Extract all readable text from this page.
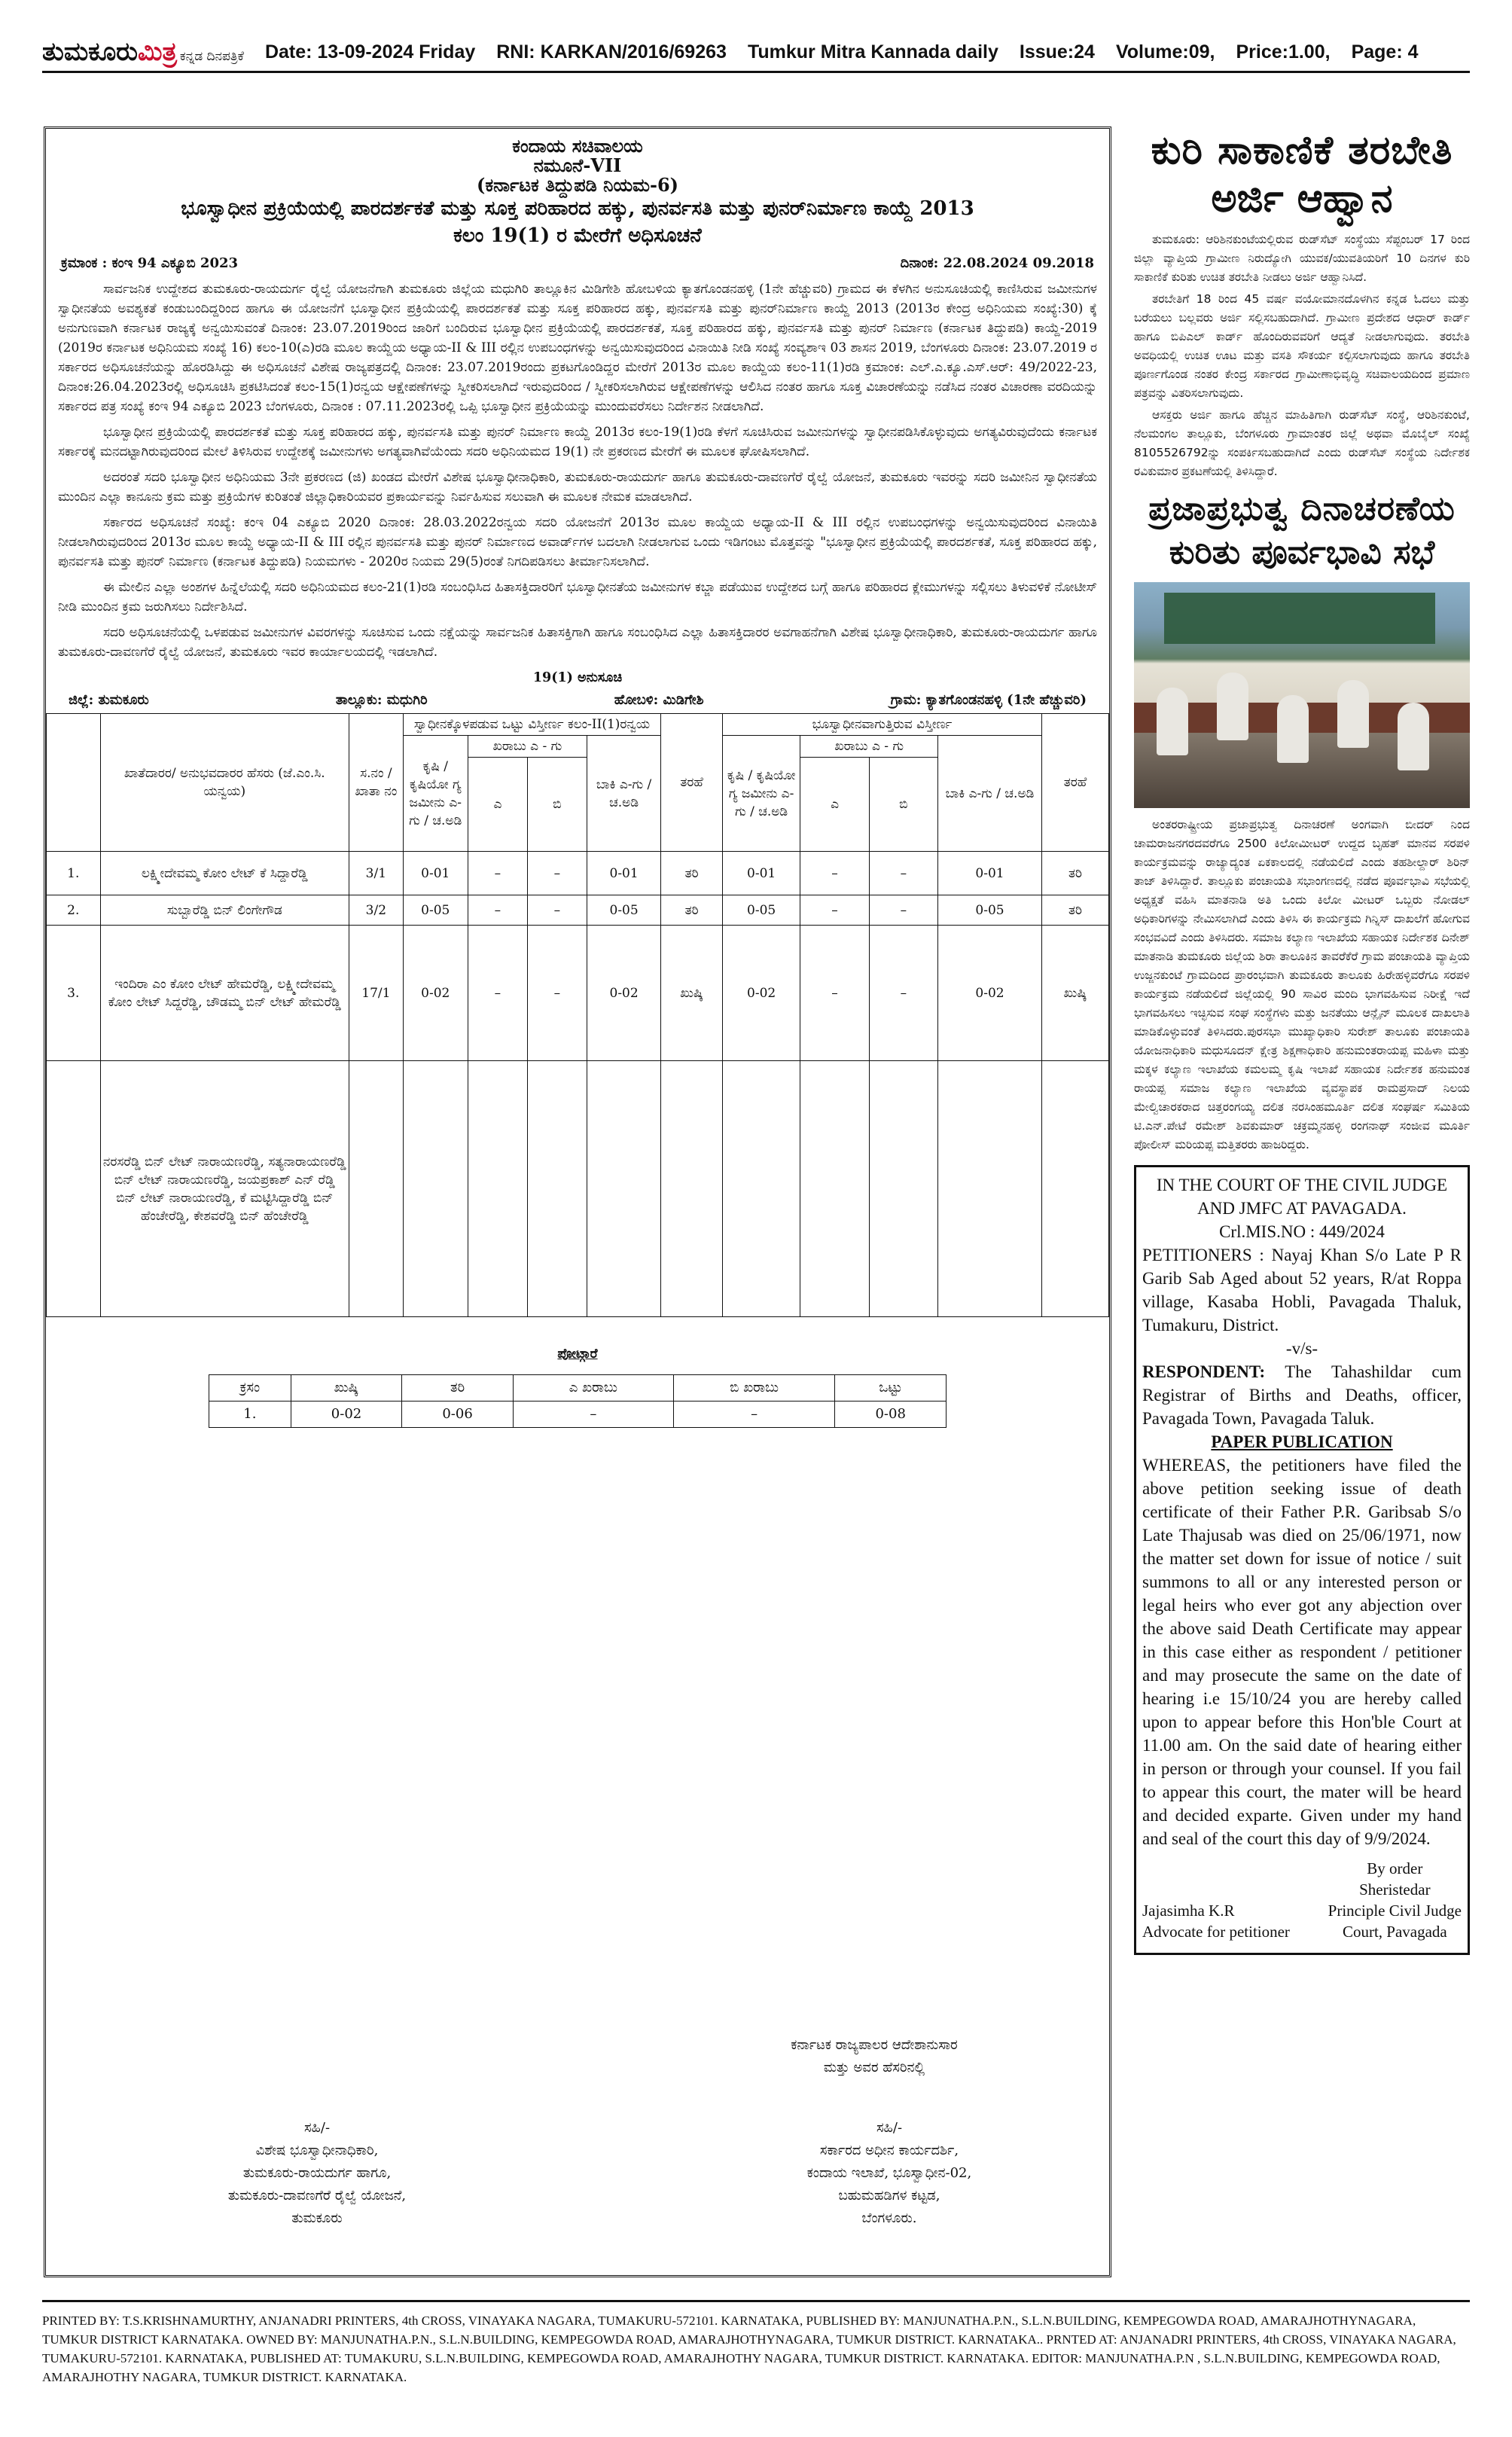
ತುಮಕೂರುಮಿತ್ರ ಕನ್ನಡ ದಿನಪತ್ರಿಕೆ Date: 13-09-2024 Friday RNI: KARKAN/2016/69263 Tumkur Mitra Kannada daily Issue:24 Volume:09, Price:1.00, Page: 4
ಕಂದಾಯ ಸಚಿವಾಲಯ
ನಮೂನೆ-VII
(ಕರ್ನಾಟಕ ತಿದ್ದುಪಡಿ ನಿಯಮ-6)
ಭೂಸ್ವಾಧೀನ ಪ್ರಕ್ರಿಯೆಯಲ್ಲಿ ಪಾರದರ್ಶಕತೆ ಮತ್ತು ಸೂಕ್ತ ಪರಿಹಾರದ ಹಕ್ಕು, ಪುನರ್ವಸತಿ ಮತ್ತು ಪುನರ್‌ನಿರ್ಮಾಣ ಕಾಯ್ದೆ 2013
ಕಲಂ 19(1) ರ ಮೇರೆಗೆ ಅಧಿಸೂಚನೆ
ಕ್ರಮಾಂಕ : ಕಂಇ 94 ಎಕ್ಯೂಬಿ 2023	ದಿನಾಂಕ: 22.08.2024 09.2018

ಸಾರ್ವಜನಿಕ ಉದ್ದೇಶದ ತುಮಕೂರು-ರಾಯದುರ್ಗ ರೈಲ್ವೆ ಯೋಜನೆಗಾಗಿ ತುಮಕೂರು ಜಿಲ್ಲೆಯ ಮಧುಗಿರಿ ತಾಲ್ಲೂಕಿನ ಮಿಡಿಗೇಶಿ ಹೋಬಳಿಯ ಕ್ಯಾತಗೊಂಡನಹಳ್ಳಿ (1ನೇ ಹೆಚ್ಚುವರಿ) ಗ್ರಾಮದ ಈ ಕೆಳಗಿನ ಅನುಸೂಚಿಯಲ್ಲಿ ಕಾಣಿಸಿರುವ ಜಮೀನುಗಳ ಸ್ವಾಧೀನತೆಯ ಅವಶ್ಯಕತೆ ಕಂಡುಬಂದಿದ್ದರಿಂದ ಹಾಗೂ ಈ ಯೋಜನೆಗೆ ಭೂಸ್ವಾಧೀನ ಪ್ರಕ್ರಿಯೆಯಲ್ಲಿ ಪಾರದರ್ಶಕತೆ ಮತ್ತು ಸೂಕ್ತ ಪರಿಹಾರದ ಹಕ್ಕು, ಪುನರ್ವಸತಿ ಮತ್ತು ಪುನರ್‌ನಿರ್ಮಾಣ ಕಾಯ್ದೆ 2013 (2013ರ ಕೇಂದ್ರ ಅಧಿನಿಯಮ ಸಂಖ್ಯೆ:30) ಕ್ಕೆ ಅನುಗುಣವಾಗಿ ಕರ್ನಾಟಕ ರಾಜ್ಯಕ್ಕೆ ಅನ್ವಯಿಸುವಂತೆ ದಿನಾಂಕ: 23.07.2019ರಿಂದ ಜಾರಿಗೆ ಬಂದಿರುವ ಭೂಸ್ವಾಧೀನ ಪ್ರಕ್ರಿಯೆಯಲ್ಲಿ ಪಾರದರ್ಶಕತೆ, ಸೂಕ್ತ ಪರಿಹಾರದ ಹಕ್ಕು, ಪುನರ್ವಸತಿ ಮತ್ತು ಪುನರ್ ನಿರ್ಮಾಣ (ಕರ್ನಾಟಕ ತಿದ್ದುಪಡಿ) ಕಾಯ್ದೆ-2019 (2019ರ ಕರ್ನಾಟಕ ಅಧಿನಿಯಮ ಸಂಖ್ಯೆ 16) ಕಲಂ-10(ಎ)ರಡಿ ಮೂಲ ಕಾಯ್ದೆಯ ಅಧ್ಯಾಯ-II & III ರಲ್ಲಿನ ಉಪಬಂಧಗಳನ್ನು ಅನ್ವಯಿಸುವುದರಿಂದ ವಿನಾಯಿತಿ ನೀಡಿ ಸಂಖ್ಯೆ ಸಂವ್ಯಶಾಇ 03 ಶಾಸನ 2019, ಬೆಂಗಳೂರು ದಿನಾಂಕ: 23.07.2019 ರ ಸರ್ಕಾರದ ಅಧಿಸೂಚನೆಯನ್ನು ಹೊರಡಿಸಿದ್ದು ಈ ಅಧಿಸೂಚನೆ ವಿಶೇಷ ರಾಜ್ಯಪತ್ರದಲ್ಲಿ ದಿನಾಂಕ: 23.07.2019ರಂದು ಪ್ರಕಟಗೊಂಡಿದ್ದರ ಮೇರೆಗೆ 2013ರ ಮೂಲ ಕಾಯ್ದೆಯ ಕಲಂ-11(1)ರಡಿ ಕ್ರಮಾಂಕ: ಎಲ್.ಎ.ಕ್ಯೂ.ಎಸ್.ಆರ್: 49/2022-23, ದಿನಾಂಕ:26.04.2023ರಲ್ಲಿ ಅಧಿಸೂಚಿಸಿ ಪ್ರಕಟಿಸಿದಂತೆ ಕಲಂ-15(1)ರನ್ವಯ ಆಕ್ಷೇಪಣೆಗಳನ್ನು ಸ್ವೀಕರಿಸಲಾಗಿದೆ ಇರುವುದರಿಂದ / ಸ್ವೀಕರಿಸಲಾಗಿರುವ ಆಕ್ಷೇಪಣೆಗಳನ್ನು ಆಲಿಸಿದ ನಂತರ ಹಾಗೂ ಸೂಕ್ತ ವಿಚಾರಣೆಯನ್ನು ನಡೆಸಿದ ನಂತರ ವಿಚಾರಣಾ ವರದಿಯನ್ನು ಸರ್ಕಾರದ ಪತ್ರ ಸಂಖ್ಯೆ ಕಂಇ 94 ಎಕ್ಯೂಬಿ 2023 ಬೆಂಗಳೂರು, ದಿನಾಂಕ : 07.11.2023ರಲ್ಲಿ ಒಪ್ಪಿ ಭೂಸ್ವಾಧೀನ ಪ್ರಕ್ರಿಯೆಯನ್ನು ಮುಂದುವರೆಸಲು ನಿರ್ದೇಶನ ನೀಡಲಾಗಿದೆ.

ಭೂಸ್ವಾಧೀನ ಪ್ರಕ್ರಿಯೆಯಲ್ಲಿ ಪಾರದರ್ಶಕತೆ ಮತ್ತು ಸೂಕ್ತ ಪರಿಹಾರದ ಹಕ್ಕು, ಪುನರ್ವಸತಿ ಮತ್ತು ಪುನರ್ ನಿರ್ಮಾಣ ಕಾಯ್ದೆ 2013ರ ಕಲಂ-19(1)ರಡಿ ಕೆಳಗೆ ಸೂಚಿಸಿರುವ ಜಮೀನುಗಳನ್ನು ಸ್ವಾಧೀನಪಡಿಸಿಕೊಳ್ಳುವುದು ಅಗತ್ಯವಿರುವುದೆಂದು ಕರ್ನಾಟಕ ಸರ್ಕಾರಕ್ಕೆ ಮನದಟ್ಟಾಗಿರುವುದರಿಂದ ಮೇಲೆ ತಿಳಿಸಿರುವ ಉದ್ದೇಶಕ್ಕೆ ಜಮೀನುಗಳು ಅಗತ್ಯವಾಗಿವೆಯೆಂದು ಸದರಿ ಅಧಿನಿಯಮದ 19(1) ನೇ ಪ್ರಕರಣದ ಮೇರೆಗೆ ಈ ಮೂಲಕ ಘೋಷಿಸಲಾಗಿದೆ.

ಅದರಂತೆ ಸದರಿ ಭೂಸ್ವಾಧೀನ ಅಧಿನಿಯಮ 3ನೇ ಪ್ರಕರಣದ (ಜಿ) ಖಂಡದ ಮೇರೆಗೆ ವಿಶೇಷ ಭೂಸ್ವಾಧೀನಾಧಿಕಾರಿ, ತುಮಕೂರು-ರಾಯದುರ್ಗ ಹಾಗೂ ತುಮಕೂರು-ದಾವಣಗೆರೆ ರೈಲ್ವೆ ಯೋಜನೆ, ತುಮಕೂರು ಇವರನ್ನು ಸದರಿ ಜಮೀನಿನ ಸ್ವಾಧೀನತೆಯ ಮುಂದಿನ ಎಲ್ಲಾ ಕಾನೂನು ಕ್ರಮ ಮತ್ತು ಪ್ರಕ್ರಿಯೆಗಳ ಕುರಿತಂತೆ ಜಿಲ್ಲಾಧಿಕಾರಿಯವರ ಪ್ರಕಾರ್ಯವನ್ನು ನಿರ್ವಹಿಸುವ ಸಲುವಾಗಿ ಈ ಮೂಲಕ ನೇಮಕ ಮಾಡಲಾಗಿದೆ.

ಸರ್ಕಾರದ ಅಧಿಸೂಚನೆ ಸಂಖ್ಯೆ: ಕಂಇ 04 ಎಕ್ಯೂಬಿ 2020 ದಿನಾಂಕ: 28.03.2022ರನ್ವಯ ಸದರಿ ಯೋಜನೆಗೆ 2013ರ ಮೂಲ ಕಾಯ್ದೆಯ ಅಧ್ಯಾಯ-II & III ರಲ್ಲಿನ ಉಪಬಂಧಗಳನ್ನು ಅನ್ವಯಿಸುವುದರಿಂದ ವಿನಾಯಿತಿ ನೀಡಲಾಗಿರುವುದರಿಂದ 2013ರ ಮೂಲ ಕಾಯ್ದೆ ಅಧ್ಯಾಯ-II & III ರಲ್ಲಿನ ಪುನರ್ವಸತಿ ಮತ್ತು ಪುನರ್ ನಿರ್ಮಾಣದ ಅವಾರ್ಡ್‌ಗಳ ಬದಲಾಗಿ ನೀಡಲಾಗುವ ಒಂದು ಇಡಿಗಂಟು ಮೊತ್ತವನ್ನು "ಭೂಸ್ವಾಧೀನ ಪ್ರಕ್ರಿಯೆಯಲ್ಲಿ ಪಾರದರ್ಶಕತೆ, ಸೂಕ್ತ ಪರಿಹಾರದ ಹಕ್ಕು, ಪುನರ್ವಸತಿ ಮತ್ತು ಪುನರ್ ನಿರ್ಮಾಣ (ಕರ್ನಾಟಕ ತಿದ್ದುಪಡಿ) ನಿಯಮಗಳು - 2020ರ ನಿಯಮ 29(5)ರಂತೆ ನಿಗದಿಪಡಿಸಲು ತೀರ್ಮಾನಿಸಲಾಗಿದೆ.

ಈ ಮೇಲಿನ ಎಲ್ಲಾ ಅಂಶಗಳ ಹಿನ್ನೆಲೆಯಲ್ಲಿ ಸದರಿ ಅಧಿನಿಯಮದ ಕಲಂ-21(1)ರಡಿ ಸಂಬಂಧಿಸಿದ ಹಿತಾಸಕ್ತಿದಾರರಿಗೆ ಭೂಸ್ವಾಧೀನತೆಯ ಜಮೀನುಗಳ ಕಬ್ಜಾ ಪಡೆಯುವ ಉದ್ದೇಶದ ಬಗ್ಗೆ ಹಾಗೂ ಪರಿಹಾರದ ಕ್ಲೇಮುಗಳನ್ನು ಸಲ್ಲಿಸಲು ತಿಳುವಳಿಕೆ ನೋಟೀಸ್ ನೀಡಿ ಮುಂದಿನ ಕ್ರಮ ಜರುಗಿಸಲು ನಿರ್ದೇಶಿಸಿದೆ.

ಸದರಿ ಅಧಿಸೂಚನೆಯಲ್ಲಿ ಒಳಪಡುವ ಜಮೀನುಗಳ ವಿವರಗಳನ್ನು ಸೂಚಿಸುವ ಒಂದು ನಕ್ಷೆಯನ್ನು ಸಾರ್ವಜನಿಕ ಹಿತಾಸಕ್ತಿಗಾಗಿ ಹಾಗೂ ಸಂಬಂಧಿಸಿದ ಎಲ್ಲಾ ಹಿತಾಸಕ್ತಿದಾರರ ಅವಗಾಹನೆಗಾಗಿ ವಿಶೇಷ ಭೂಸ್ವಾಧೀನಾಧಿಕಾರಿ, ತುಮಕೂರು-ರಾಯದುರ್ಗ ಹಾಗೂ ತುಮಕೂರು-ದಾವಣಗೆರೆ ರೈಲ್ವೆ ಯೋಜನೆ, ತುಮಕೂರು ಇವರ ಕಾರ್ಯಾಲಯದಲ್ಲಿ ಇಡಲಾಗಿದೆ.

19(1) ಅನುಸೂಚಿ
ಜಿಲ್ಲೆ: ತುಮಕೂರು	ತಾಲ್ಲೂಕು: ಮಧುಗಿರಿ	ಹೋಬಳಿ: ಮಿಡಿಗೇಶಿ	ಗ್ರಾಮ: ಕ್ಯಾತಗೊಂಡನಹಳ್ಳಿ (1ನೇ ಹೆಚ್ಚುವರಿ)
	ಖಾತೆದಾರರ/ ಅನುಭವದಾರರ ಹೆಸರು (ಜೆ.ಎಂ.ಸಿ. ಯನ್ವಯ)	ಸ.ನಂ / ಖಾತಾ ನಂ	ಸ್ವಾಧೀನಕ್ಕೊಳಪಡುವ ಒಟ್ಟು ವಿಸ್ತೀರ್ಣ ಕಲಂ-II(1)ರನ್ವಯ				ತರಹೆ	ಭೂಸ್ವಾಧೀನವಾಗುತ್ತಿರುವ ವಿಸ್ತೀರ್ಣ				ತರಹೆ
			ಕೃಷಿ / ಕೃಷಿಯೋ ಗ್ಯ ಜಮೀನು ಎ-ಗು / ಚ.ಅಡಿ	ಖರಾಬು ಎ - ಗು		ಬಾಕಿ ಎ-ಗು / ಚ.ಅಡಿ		ಕೃಷಿ / ಕೃಷಿಯೋ ಗ್ಯ ಜಮೀನು ಎ-ಗು / ಚ.ಅಡಿ	ಖರಾಬು ಎ - ಗು		ಬಾಕಿ ಎ-ಗು / ಚ.ಅಡಿ	
				ಎ	ಬಿ				ಎ	ಬಿ		
1.	ಲಕ್ಷ್ಮೀದೇವಮ್ಮ ಕೋಂ ಲೇಟ್ ಕೆ ಸಿದ್ದಾರೆಡ್ಡಿ	3/1	0-01	–	–	0-01	ತರಿ	0-01	–	–	0-01	ತರಿ
2.	ಸುಬ್ಬಾರೆಡ್ಡಿ ಬಿನ್ ಲಿಂಗೇಗೌಡ	3/2	0-05	–	–	0-05	ತರಿ	0-05	–	–	0-05	ತರಿ
3.	ಇಂದಿರಾ ಎಂ ಕೋಂ ಲೇಟ್ ಹೇಮರೆಡ್ಡಿ, ಲಕ್ಷ್ಮೀದೇವಮ್ಮ ಕೋಂ ಲೇಟ್ ಸಿದ್ದರೆಡ್ಡಿ, ಚೌಡಮ್ಮ ಬಿನ್ ಲೇಟ್ ಹೇಮರೆಡ್ಡಿ	17/1	0-02	–	–	0-02	ಖುಷ್ಕಿ	0-02	–	–	0-02	ಖುಷ್ಕಿ
	ನರಸರೆಡ್ಡಿ ಬಿನ್ ಲೇಟ್ ನಾರಾಯಣರೆಡ್ಡಿ, ಸತ್ಯನಾರಾಯಣರೆಡ್ಡಿ ಬಿನ್ ಲೇಟ್ ನಾರಾಯಣರೆಡ್ಡಿ, ಜಯಪ್ರಕಾಶ್ ಎನ್ ರೆಡ್ಡಿ ಬಿನ್ ಲೇಟ್ ನಾರಾಯಣರೆಡ್ಡಿ, ಕೆ ಮಟ್ಟಿಸಿದ್ದಾರೆಡ್ಡಿ ಬಿನ್ ಹೆಂಚೇರೆಡ್ಡಿ, ಕೇಶವರೆಡ್ಡಿ ಬಿನ್ ಹೆಂಚೇರೆಡ್ಡಿ											
ಪೋಟ್ಗಾರೆ
ಕ್ರಸಂ	ಖುಷ್ಕಿ	ತರಿ	ಎ ಖರಾಬು	ಬಿ ಖರಾಬು	ಒಟ್ಟು
1.	0-02	0-06	–	–	0-08
ಕರ್ನಾಟಕ ರಾಜ್ಯಪಾಲರ ಆದೇಶಾನುಸಾರ
ಮತ್ತು ಅವರ ಹೆಸರಿನಲ್ಲಿ
ಸಹಿ/-
ವಿಶೇಷ ಭೂಸ್ವಾಧೀನಾಧಿಕಾರಿ,
ತುಮಕೂರು-ರಾಯದುರ್ಗ ಹಾಗೂ,
ತುಮಕೂರು-ದಾವಣಗೆರೆ ರೈಲ್ವೆ ಯೋಜನೆ,
ತುಮಕೂರು
ಸಹಿ/-
ಸರ್ಕಾರದ ಅಧೀನ ಕಾರ್ಯದರ್ಶಿ,
ಕಂದಾಯ ಇಲಾಖೆ, ಭೂಸ್ವಾಧೀನ-02,
ಬಹುಮಹಡಿಗಳ ಕಟ್ಟಡ,
ಬೆಂಗಳೂರು.
ಕುರಿ ಸಾಕಾಣಿಕೆ ತರಬೇತಿ
ಅರ್ಜಿ ಆಹ್ವಾನ

ತುಮಕೂರು: ಆರಿಶಿನಕುಂಟೆಯಲ್ಲಿರುವ ರುಡ್‌ಸೆಟ್ ಸಂಸ್ಥೆಯು ಸೆಪ್ಟಂಬರ್ 17 ರಿಂದ ಜಿಲ್ಲಾ ವ್ಯಾಪ್ತಿಯ ಗ್ರಾಮೀಣ ನಿರುದ್ಯೋಗಿ ಯುವಕ/ಯುವತಿಯರಿಗೆ 10 ದಿನಗಳ ಕುರಿ ಸಾಕಾಣಿಕೆ ಕುರಿತು ಉಚಿತ ತರಬೇತಿ ನೀಡಲು ಅರ್ಜಿ ಆಹ್ವಾನಿಸಿದೆ.

ತರಬೇತಿಗೆ 18 ರಿಂದ 45 ವರ್ಷ ವಯೋಮಾನದೊಳಗಿನ ಕನ್ನಡ ಓದಲು ಮತ್ತು ಬರೆಯಲು ಬಲ್ಲವರು ಅರ್ಜಿ ಸಲ್ಲಿಸಬಹುದಾಗಿದೆ. ಗ್ರಾಮೀಣ ಪ್ರದೇಶದ ಆಧಾರ್ ಕಾರ್ಡ್ ಹಾಗೂ ಬಿಪಿಎಲ್ ಕಾರ್ಡ್ ಹೊಂದಿರುವವರಿಗೆ ಆದ್ಯತೆ ನೀಡಲಾಗುವುದು. ತರಬೇತಿ ಅವಧಿಯಲ್ಲಿ ಉಚಿತ ಊಟ ಮತ್ತು ವಸತಿ ಸೌಕರ್ಯ ಕಲ್ಪಿಸಲಾಗುವುದು ಹಾಗೂ ತರಬೇತಿ ಪೂರ್ಣಗೊಂಡ ನಂತರ ಕೇಂದ್ರ ಸರ್ಕಾರದ ಗ್ರಾಮೀಣಾಭಿವೃದ್ಧಿ ಸಚಿವಾಲಯದಿಂದ ಪ್ರಮಾಣ ಪತ್ರವನ್ನು ವಿತರಿಸಲಾಗುವುದು.

ಆಸಕ್ತರು ಅರ್ಜಿ ಹಾಗೂ ಹೆಚ್ಚಿನ ಮಾಹಿತಿಗಾಗಿ ರುಡ್‌ಸೆಟ್ ಸಂಸ್ಥೆ, ಆರಿಶಿನಕುಂಟೆ, ನೆಲಮಂಗಲ ತಾಲ್ಲೂಕು, ಬೆಂಗಳೂರು ಗ್ರಾಮಾಂತರ ಜಿಲ್ಲೆ ಅಥವಾ ಮೊಬೈಲ್ ಸಂಖ್ಯೆ 8105526792ನ್ನು ಸಂಪರ್ಕಿಸಬಹುದಾಗಿದೆ ಎಂದು ರುಡ್‌ಸೆಟ್ ಸಂಸ್ಥೆಯ ನಿರ್ದೇಶಕ ರವಿಕುಮಾರ ಪ್ರಕಟಣೆಯಲ್ಲಿ ತಿಳಿಸಿದ್ದಾರೆ.

ಪ್ರಜಾಪ್ರಭುತ್ವ ದಿನಾಚರಣೆಯ
ಕುರಿತು ಪೂರ್ವಭಾವಿ ಸಭೆ

ಅಂತರರಾಷ್ಟ್ರೀಯ ಪ್ರಜಾಪ್ರಭುತ್ವ ದಿನಾಚರಣೆ ಅಂಗವಾಗಿ ಬೀದರ್ ನಿಂದ ಚಾಮರಾಜನಗರದವರೆಗೂ 2500 ಕಿಲೋಮೀಟರ್ ಉದ್ದದ ಬೃಹತ್ ಮಾನವ ಸರಪಳಿ ಕಾರ್ಯಕ್ರಮವನ್ನು ರಾಜ್ಯಾದ್ಯಂತ ಏಕಕಾಲದಲ್ಲಿ ನಡೆಯಲಿದೆ ಎಂದು ತಹಶೀಲ್ದಾರ್ ಶಿರಿನ್ ತಾಜ್ ತಿಳಿಸಿದ್ದಾರೆ. ತಾಲ್ಲೂಕು ಪಂಚಾಯತಿ ಸಭಾಂಗಣದಲ್ಲಿ ನಡೆದ ಪೂರ್ವಭಾವಿ ಸಭೆಯಲ್ಲಿ ಅಧ್ಯಕ್ಷತೆ ವಹಿಸಿ ಮಾತನಾಡಿ ಅತಿ ಒಂದು ಕಿಲೋ ಮೀಟರ್ ಒಬ್ಬರು ನೋಡಲ್ ಅಧಿಕಾರಿಗಳನ್ನು ನೇಮಿಸಲಾಗಿದೆ ಎಂದು ತಿಳಿಸಿ ಈ ಕಾರ್ಯಕ್ರಮ ಗಿನ್ನಿಸ್ ದಾಖಲೆಗೆ ಹೋಗುವ ಸಂಭವವಿದೆ ಎಂದು ತಿಳಿಸಿದರು. ಸಮಾಜ ಕಲ್ಯಾಣ ಇಲಾಖೆಯ ಸಹಾಯಕ ನಿರ್ದೇಶಕ ದಿನೇಶ್ ಮಾತನಾಡಿ ತುಮಕೂರು ಜಿಲ್ಲೆಯ ಶಿರಾ ತಾಲೂಕಿನ ತಾವರೆಕೆರೆ ಗ್ರಾಮ ಪಂಚಾಯತಿ ವ್ಯಾಪ್ತಿಯ ಉಜ್ಜನಕುಂಟೆ ಗ್ರಾಮದಿಂದ ಪ್ರಾರಂಭವಾಗಿ ತುಮಕೂರು ತಾಲೂಕು ಹಿರೇಹಳ್ಳಿವರೆಗೂ ಸರಪಳಿ ಕಾರ್ಯಕ್ರಮ ನಡೆಯಲಿದೆ ಜಿಲ್ಲೆಯಲ್ಲಿ 90 ಸಾವಿರ ಮಂದಿ ಭಾಗವಹಿಸುವ ನಿರೀಕ್ಷೆ ಇದೆ ಭಾಗವಹಿಸಲು ಇಚ್ಛಿಸುವ ಸಂಘ ಸಂಸ್ಥೆಗಳು ಮತ್ತು ಜನತೆಯು ಆನ್ಲೈನ್ ಮೂಲಕ ದಾಖಲಾತಿ ಮಾಡಿಕೊಳ್ಳುವಂತೆ ತಿಳಿಸಿದರು.ಪುರಸಭಾ ಮುಖ್ಯಾಧಿಕಾರಿ ಸುರೇಶ್ ತಾಲೂಕು ಪಂಚಾಯತಿ ಯೋಜನಾಧಿಕಾರಿ ಮಧುಸೂದನ್ ಕ್ಷೇತ್ರ ಶಿಕ್ಷಣಾಧಿಕಾರಿ ಹನುಮಂತರಾಯಪ್ಪ ಮಹಿಳಾ ಮತ್ತು ಮಕ್ಕಳ ಕಲ್ಯಾಣ ಇಲಾಖೆಯ ಕಮಲಮ್ಮ ಕೃಷಿ ಇಲಾಖೆ ಸಹಾಯಕ ನಿರ್ದೇಶಕ ಹನುಮಂತ ರಾಯಪ್ಪ ಸಮಾಜ ಕಲ್ಯಾಣ ಇಲಾಖೆಯ ವ್ಯವಸ್ಥಾಪಕ ರಾಮಪ್ರಸಾದ್ ನಿಲಯ ಮೇಲ್ವಿಚಾರಕರಾದ ಚಿತ್ತರಂಗಯ್ಯ ದಲಿತ ನರಸಿಂಹಮೂರ್ತಿ ದಲಿತ ಸಂಘರ್ಷ ಸಮಿತಿಯ ಟಿ.ಎನ್.ಪೇಟೆ ರಮೇಶ್ ಶಿವಕುಮಾರ್ ಚಕ್ರಮ್ಮನಹಳ್ಳಿ ರಂಗನಾಥ್ ಸಂಜೀವ ಮೂರ್ತಿ ಪೋಲೀಸ್ ಮರಿಯಪ್ಪ ಮತ್ತಿತರರು ಹಾಜರಿದ್ದರು.

IN THE COURT OF THE CIVIL JUDGE AND JMFC AT PAVAGADA.
Crl.MIS.NO : 449/2024
PETITIONERS : Nayaj Khan S/o Late P R Garib Sab Aged about 52 years, R/at Roppa village, Kasaba Hobli, Pavagada Thaluk, Tumakuru, District.
-v/s-
RESPONDENT: The Tahashildar cum Registrar of Births and Deaths, officer, Pavagada Town, Pavagada Taluk.
PAPER PUBLICATION
WHEREAS, the petitioners have filed the above petition seeking issue of death certificate of their Father P.R. Garibsab S/o Late Thajusab was died on 25/06/1971, now the matter set down for issue of notice / suit summons to all or any interested person or legal heirs who ever got any abjection over the above said Death Certificate may appear in this case either as respondent / petitioner and may prosecute the same on the date of hearing i.e 15/10/24 you are hereby called upon to appear before this Hon'ble Court at 11.00 am. On the said date of hearing either in person or through your counsel. If you fail to appear this court, the mater will be heard and decided exparte. Given under my hand and seal of the court this day of 9/9/2024.
Jajasimha K.R
Advocate for petitioner
By order
Sheristedar
Principle Civil Judge
Court, Pavagada
PRINTED BY: T.S.KRISHNAMURTHY, ANJANADRI PRINTERS, 4th CROSS, VINAYAKA NAGARA, TUMAKURU-572101. KARNATAKA, PUBLISHED BY: MANJUNATHA.P.N., S.L.N.BUILDING, KEMPEGOWDA ROAD, AMARAJHOTHYNAGARA, TUMKUR DISTRICT KARNATAKA. OWNED BY: MANJUNATHA.P.N., S.L.N.BUILDING, KEMPEGOWDA ROAD, AMARAJHOTHYNAGARA, TUMKUR DISTRICT. KARNATAKA.. PRNTED AT: ANJANADRI PRINTERS, 4th CROSS, VINAYAKA NAGARA, TUMAKURU-572101. KARNATAKA, PUBLISHED AT: TUMAKURU, S.L.N.BUILDING, KEMPEGOWDA ROAD, AMARAJHOTHY NAGARA, TUMKUR DISTRICT. KARNATAKA. EDITOR: MANJUNATHA.P.N , S.L.N.BUILDING, KEMPEGOWDA ROAD, AMARAJHOTHY NAGARA, TUMKUR DISTRICT. KARNATAKA.
